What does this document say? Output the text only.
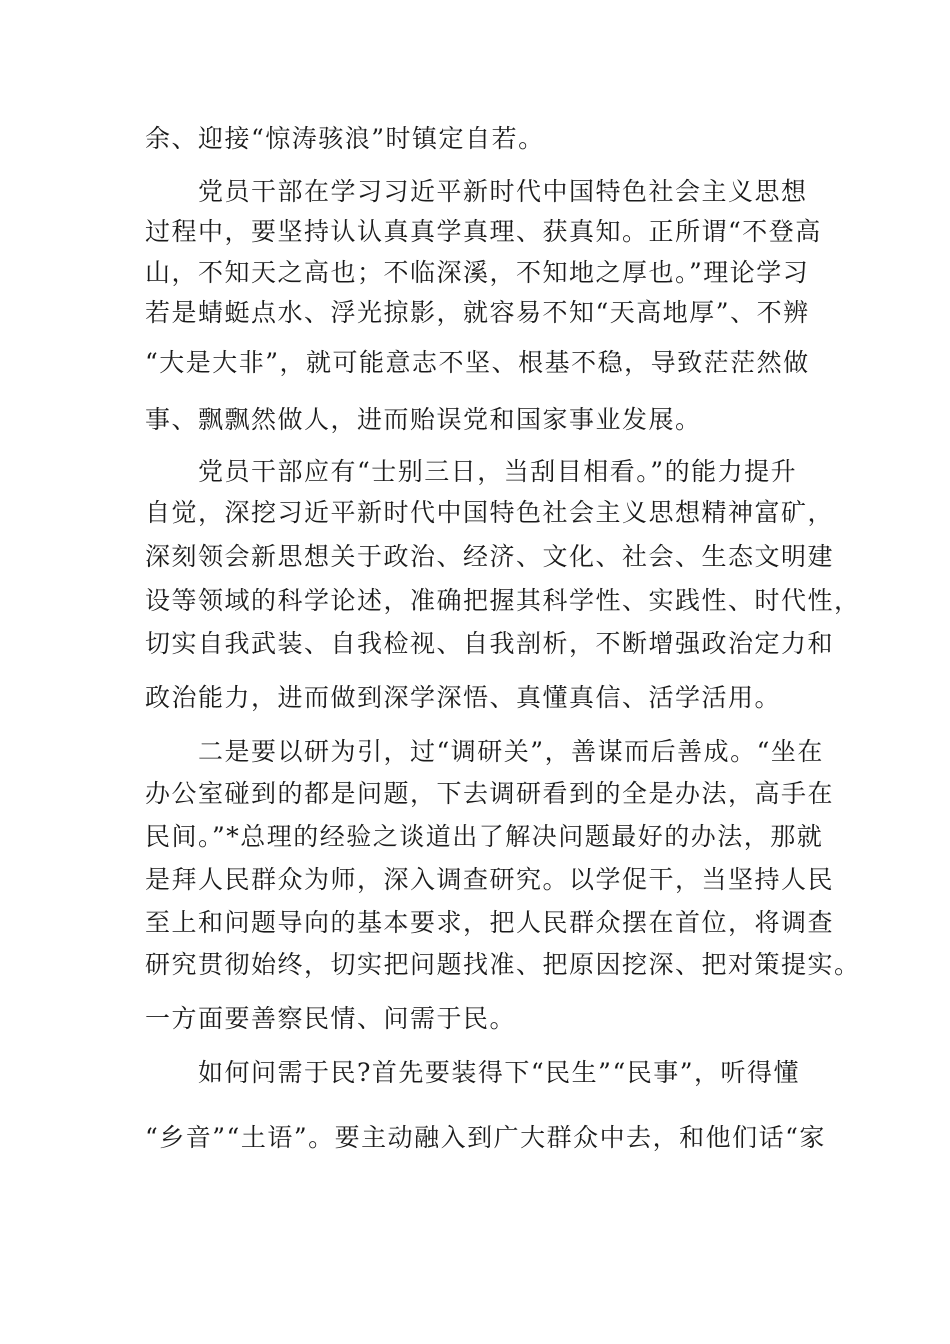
余、迎接“惊涛骇浪”时镇定自若。
党员干部在学习习近平新时代中国特色社会主义思想
过程中，要坚持认认真真学真理、获真知。正所谓“不登高
山，不知天之高也；不临深溪，不知地之厚也。”理论学习
若是蜻蜓点水、浮光掠影，就容易不知“天高地厚”、不辨
“大是大非”，就可能意志不坚、根基不稳，导致茫茫然做
事、飘飘然做人，进而贻误党和国家事业发展。
党员干部应有“士别三日，当刮目相看。”的能力提升
自觉，深挖习近平新时代中国特色社会主义思想精神富矿，
深刻领会新思想关于政治、经济、文化、社会、生态文明建
设等领域的科学论述，准确把握其科学性、实践性、时代性，
切实自我武装、自我检视、自我剖析，不断增强政治定力和
政治能力，进而做到深学深悟、真懂真信、活学活用。
二是要以研为引，过“调研关”，善谋而后善成。“坐在
办公室碰到的都是问题，下去调研看到的全是办法，高手在
民间。”*总理的经验之谈道出了解决问题最好的办法，那就
是拜人民群众为师，深入调查研究。以学促干，当坚持人民
至上和问题导向的基本要求，把人民群众摆在首位，将调查
研究贯彻始终，切实把问题找准、把原因挖深、把对策提实。
一方面要善察民情、问需于民。
如何问需于民?首先要装得下“民生”“民事”，听得懂
“乡音”“土语”。要主动融入到广大群众中去，和他们话“家
